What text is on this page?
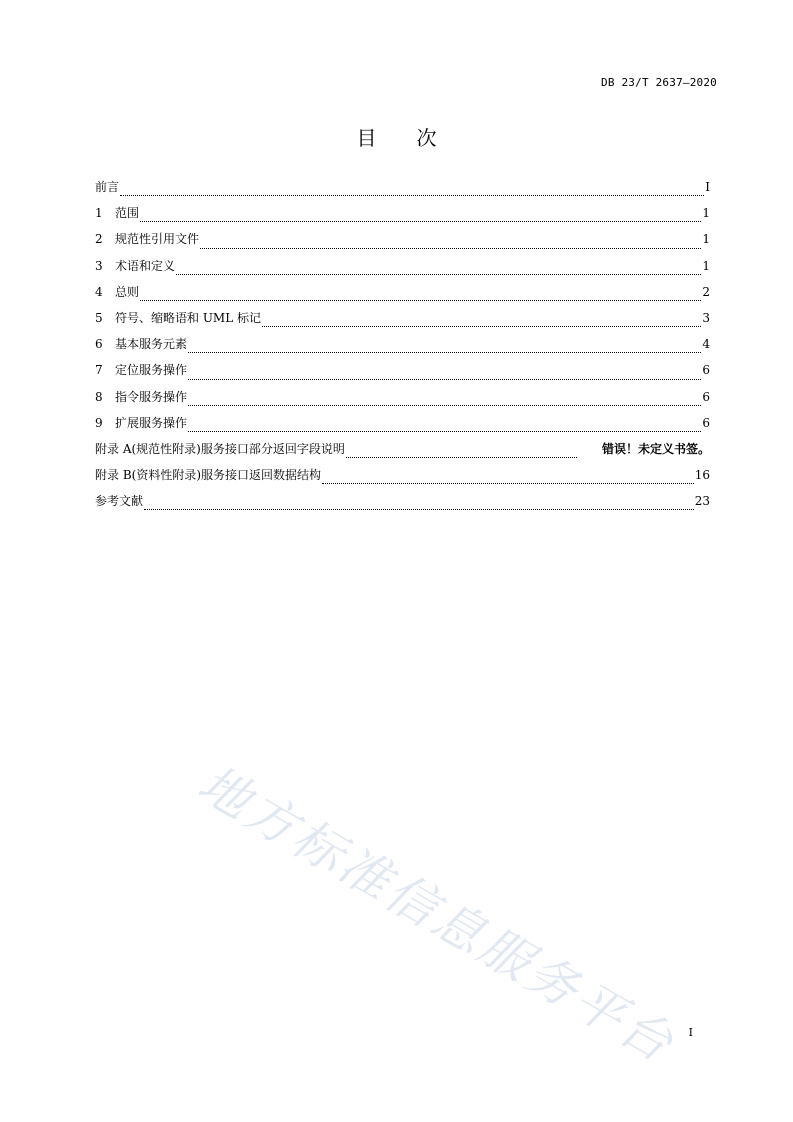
DB 23/T 2637—2020
目 次
前言	I
1	范围	1
2	规范性引用文件	1
3	术语和定义	1
4	总则	2
5	符号、缩略语和 UML 标记	3
6	基本服务元素	4
7	定位服务操作	6
8	指令服务操作	6
9	扩展服务操作	6
附录 A(规范性附录)服务接口部分返回字段说明	错误！未定义书签。
附录 B(资料性附录)服务接口返回数据结构	16
参考文献	23
地方标准信息服务平台 I
